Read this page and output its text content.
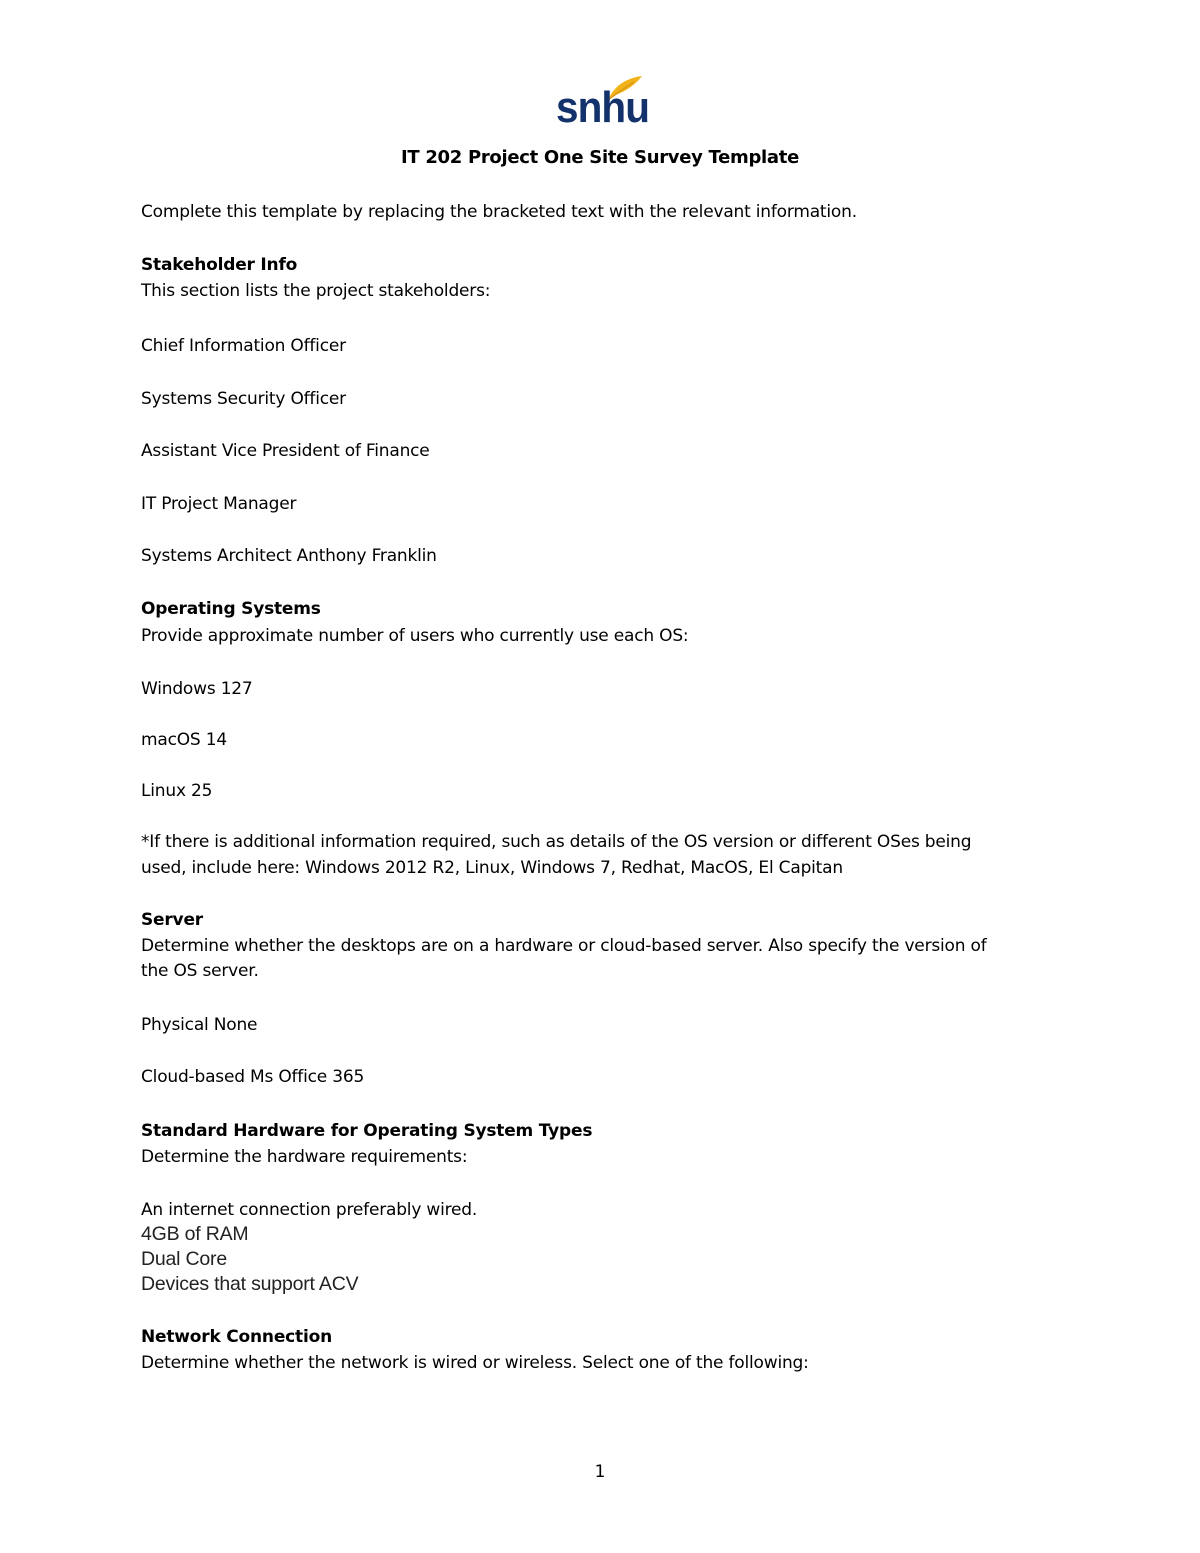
snhu
IT 202 Project One Site Survey Template
Complete this template by replacing the bracketed text with the relevant information.
Stakeholder Info
This section lists the project stakeholders:
Chief Information Officer
Systems Security Officer
Assistant Vice President of Finance
IT Project Manager
Systems Architect Anthony Franklin
Operating Systems
Provide approximate number of users who currently use each OS:
Windows 127
macOS 14
Linux 25
*If there is additional information required, such as details of the OS version or different OSes being
used, include here: Windows 2012 R2, Linux, Windows 7, Redhat, MacOS, El Capitan
Server
Determine whether the desktops are on a hardware or cloud-based server. Also specify the version of
the OS server.
Physical None
Cloud-based Ms Office 365
Standard Hardware for Operating System Types
Determine the hardware requirements:
An internet connection preferably wired.
4GB of RAM
Dual Core
Devices that support ACV
Network Connection
Determine whether the network is wired or wireless. Select one of the following:
1
